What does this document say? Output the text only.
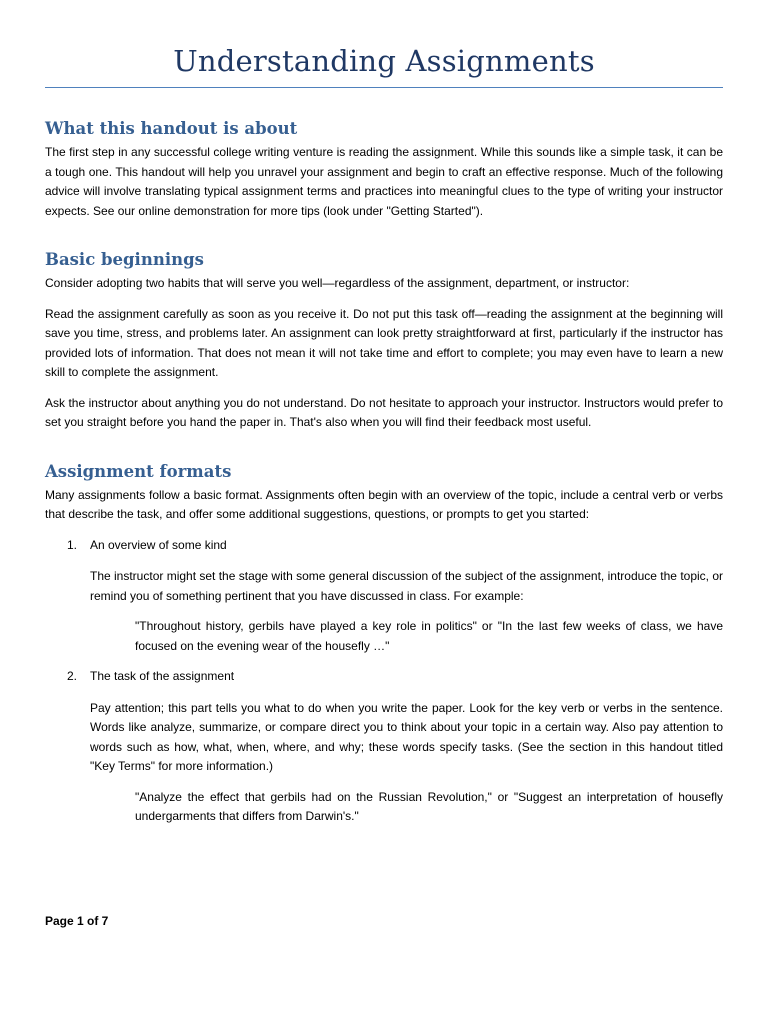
Understanding Assignments
What this handout is about

The first step in any successful college writing venture is reading the assignment. While this sounds like a simple task, it can be a tough one. This handout will help you unravel your assignment and begin to craft an effective response. Much of the following advice will involve translating typical assignment terms and practices into meaningful clues to the type of writing your instructor expects. See our online demonstration for more tips (look under "Getting Started").

Basic beginnings

Consider adopting two habits that will serve you well—regardless of the assignment, department, or instructor:

Read the assignment carefully as soon as you receive it. Do not put this task off—reading the assignment at the beginning will save you time, stress, and problems later. An assignment can look pretty straightforward at first, particularly if the instructor has provided lots of information. That does not mean it will not take time and effort to complete; you may even have to learn a new skill to complete the assignment.

Ask the instructor about anything you do not understand. Do not hesitate to approach your instructor. Instructors would prefer to set you straight before you hand the paper in. That's also when you will find their feedback most useful.

Assignment formats

Many assignments follow a basic format. Assignments often begin with an overview of the topic, include a central verb or verbs that describe the task, and offer some additional suggestions, questions, or prompts to get you started:

1. An overview of some kind

The instructor might set the stage with some general discussion of the subject of the assignment, introduce the topic, or remind you of something pertinent that you have discussed in class. For example:

"Throughout history, gerbils have played a key role in politics" or "In the last few weeks of class, we have focused on the evening wear of the housefly …"

2. The task of the assignment

Pay attention; this part tells you what to do when you write the paper. Look for the key verb or verbs in the sentence. Words like analyze, summarize, or compare direct you to think about your topic in a certain way. Also pay attention to words such as how, what, when, where, and why; these words specify tasks. (See the section in this handout titled "Key Terms" for more information.)

"Analyze the effect that gerbils had on the Russian Revolution," or "Suggest an interpretation of housefly undergarments that differs from Darwin's."

Page 1 of 7
